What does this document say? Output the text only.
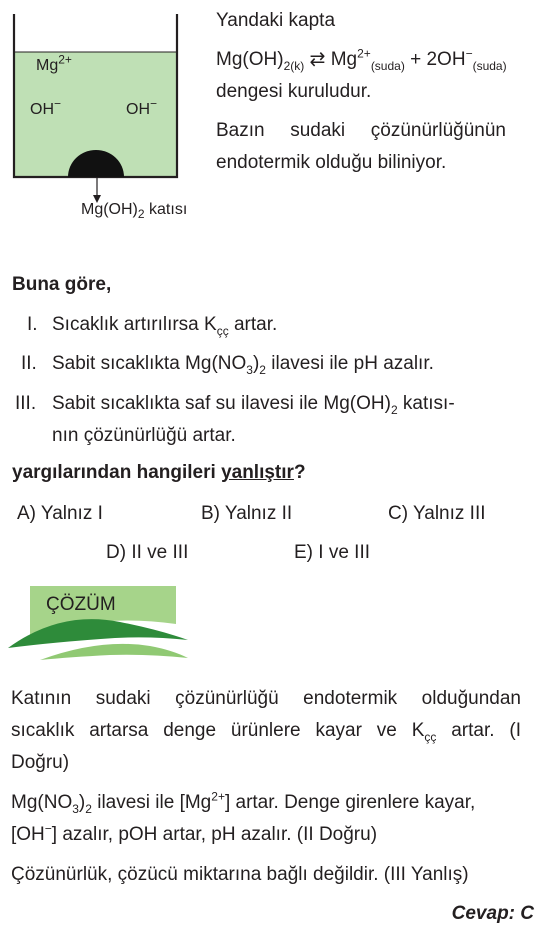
$Mg^{2+}$
OH−	OH−
$Mg(OH)_2$ katısı
Yandaki kapta
$Mg(OH)_{2(k)}$ ⇄ $Mg^{2+}_{(suda)} + 2OH^-_{(suda)}$
dengesi kuruludur.
Bazın sudaki çözünürlüğünün
endotermik olduğu biliniyor.
Buna göre,
I. Sıcaklık artırılırsa $K_{çç}$ artar.
II. Sabit sıcaklıkta $Mg(NO_3)_2$ ilavesi ile pH azalır.
III. Sabit sıcaklıkta saf su ilavesi ile $Mg(OH)_2$ katısı-
nın çözünürlüğü artar.
yargılarından hangileri yanlıştır?
A) Yalnız I	B) Yalnız II	C) Yalnız III
D) II ve III	E) I ve III
ÇÖZÜM
Katının sudaki çözünürlüğü endotermik olduğundan
sıcaklık artarsa denge ürünlere kayar ve $K_{çç}$ artar. (I
Doğru)
$Mg(NO_3)_2$ ilavesi ile $[Mg^{2+}]$ artar. Denge girenlere kayar,
[OH−] azalır, pOH artar, pH azalır. (II Doğru)
Çözünürlük, çözücü miktarına bağlı değildir. (III Yanlış)
Cevap: C
